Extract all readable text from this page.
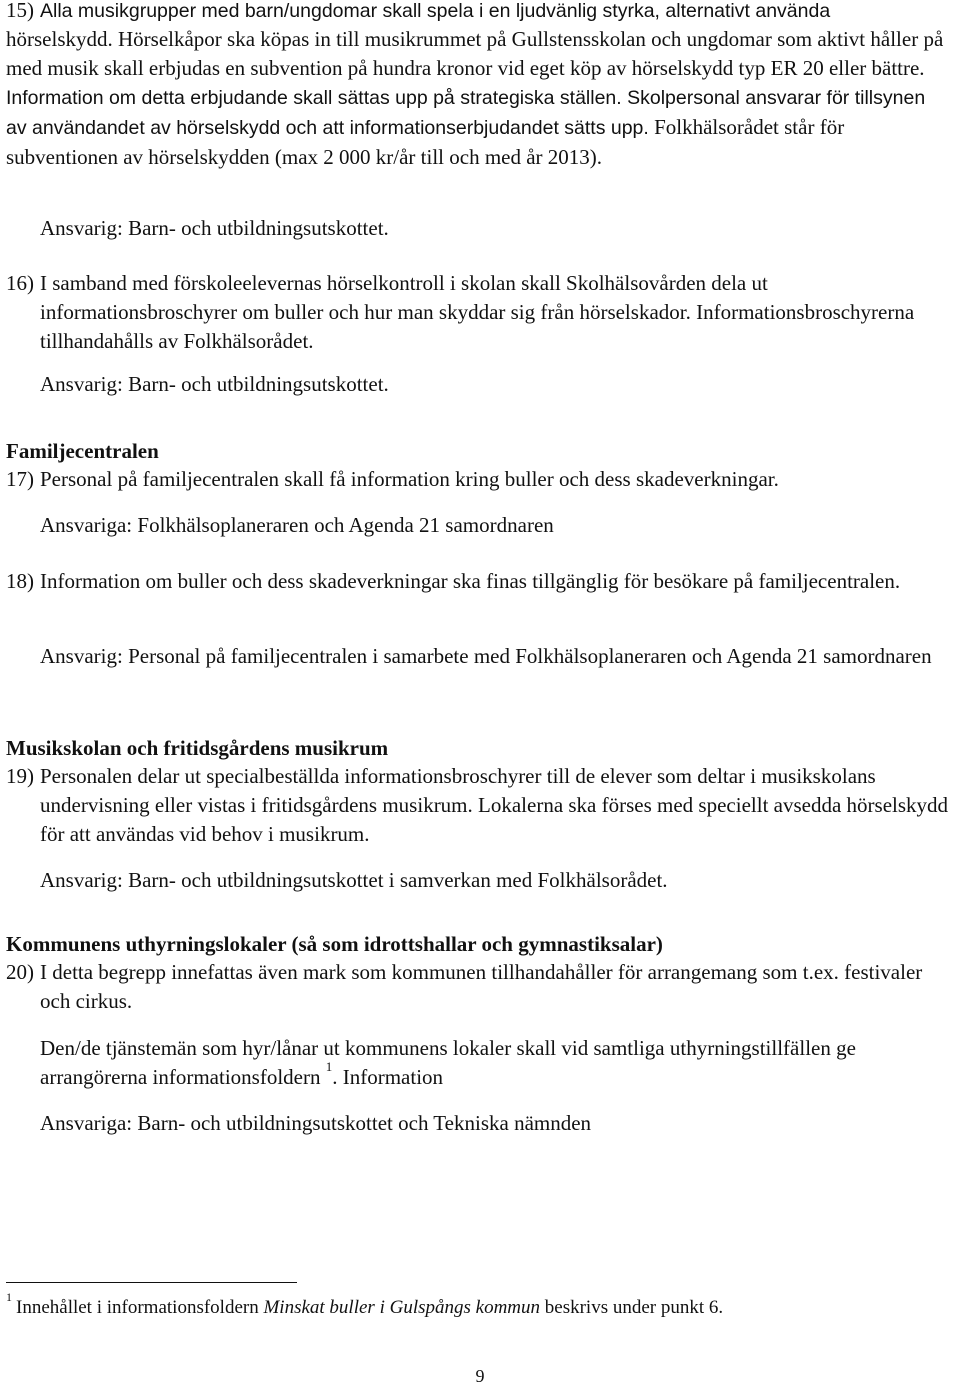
15) Alla musikgrupper med barn/ungdomar skall spela i en ljudvänlig styrka, alternativt använda
hörselskydd. Hörselkåpor ska köpas in till musikrummet på Gullstensskolan och ungdomar som aktivt håller på med musik skall erbjudas en subvention på hundra kronor vid eget köp av hörselskydd typ ER 20 eller bättre. Information om detta erbjudande skall sättas upp på strategiska ställen. Skolpersonal ansvarar för tillsynen av användandet av hörselskydd och att informationserbjudandet sätts upp. Folkhälsorådet står för subventionen av hörselskydden (max 2 000 kr/år till och med år 2013).
Ansvarig: Barn- och utbildningsutskottet.
16) I samband med förskoleelevernas hörselkontroll i skolan skall Skolhälsovården dela ut informationsbroschyrer om buller och hur man skyddar sig från hörselskador. Informationsbroschyrerna tillhandahålls av Folkhälsorådet.
Ansvarig: Barn- och utbildningsutskottet.
Familjecentralen
17) Personal på familjecentralen skall få information kring buller och dess skadeverkningar.
Ansvariga: Folkhälsoplaneraren och Agenda 21 samordnaren
18) Information om buller och dess skadeverkningar ska finas tillgänglig för besökare på familjecentralen.
Ansvarig: Personal på familjecentralen i samarbete med Folkhälsoplaneraren och Agenda 21 samordnaren
Musikskolan och fritidsgårdens musikrum
19) Personalen delar ut specialbeställda informationsbroschyrer till de elever som deltar i musikskolans undervisning eller vistas i fritidsgårdens musikrum. Lokalerna ska förses med speciellt avsedda hörselskydd för att användas vid behov i musikrum.
Ansvarig: Barn- och utbildningsutskottet i samverkan med Folkhälsorådet.
Kommunens uthyrningslokaler (så som idrottshallar och gymnastiksalar)
20) I detta begrepp innefattas även mark som kommunen tillhandahåller för arrangemang som t.ex. festivaler och cirkus.
Den/de tjänstemän som hyr/lånar ut kommunens lokaler skall vid samtliga uthyrningstillfällen ge arrangörerna informationsfoldern $^1$. Information
Ansvariga: Barn- och utbildningsutskottet och Tekniska nämnden
$^1$ Innehållet i informationsfoldern Minskat buller i Gulspångs kommun beskrivs under punkt 6.
9
